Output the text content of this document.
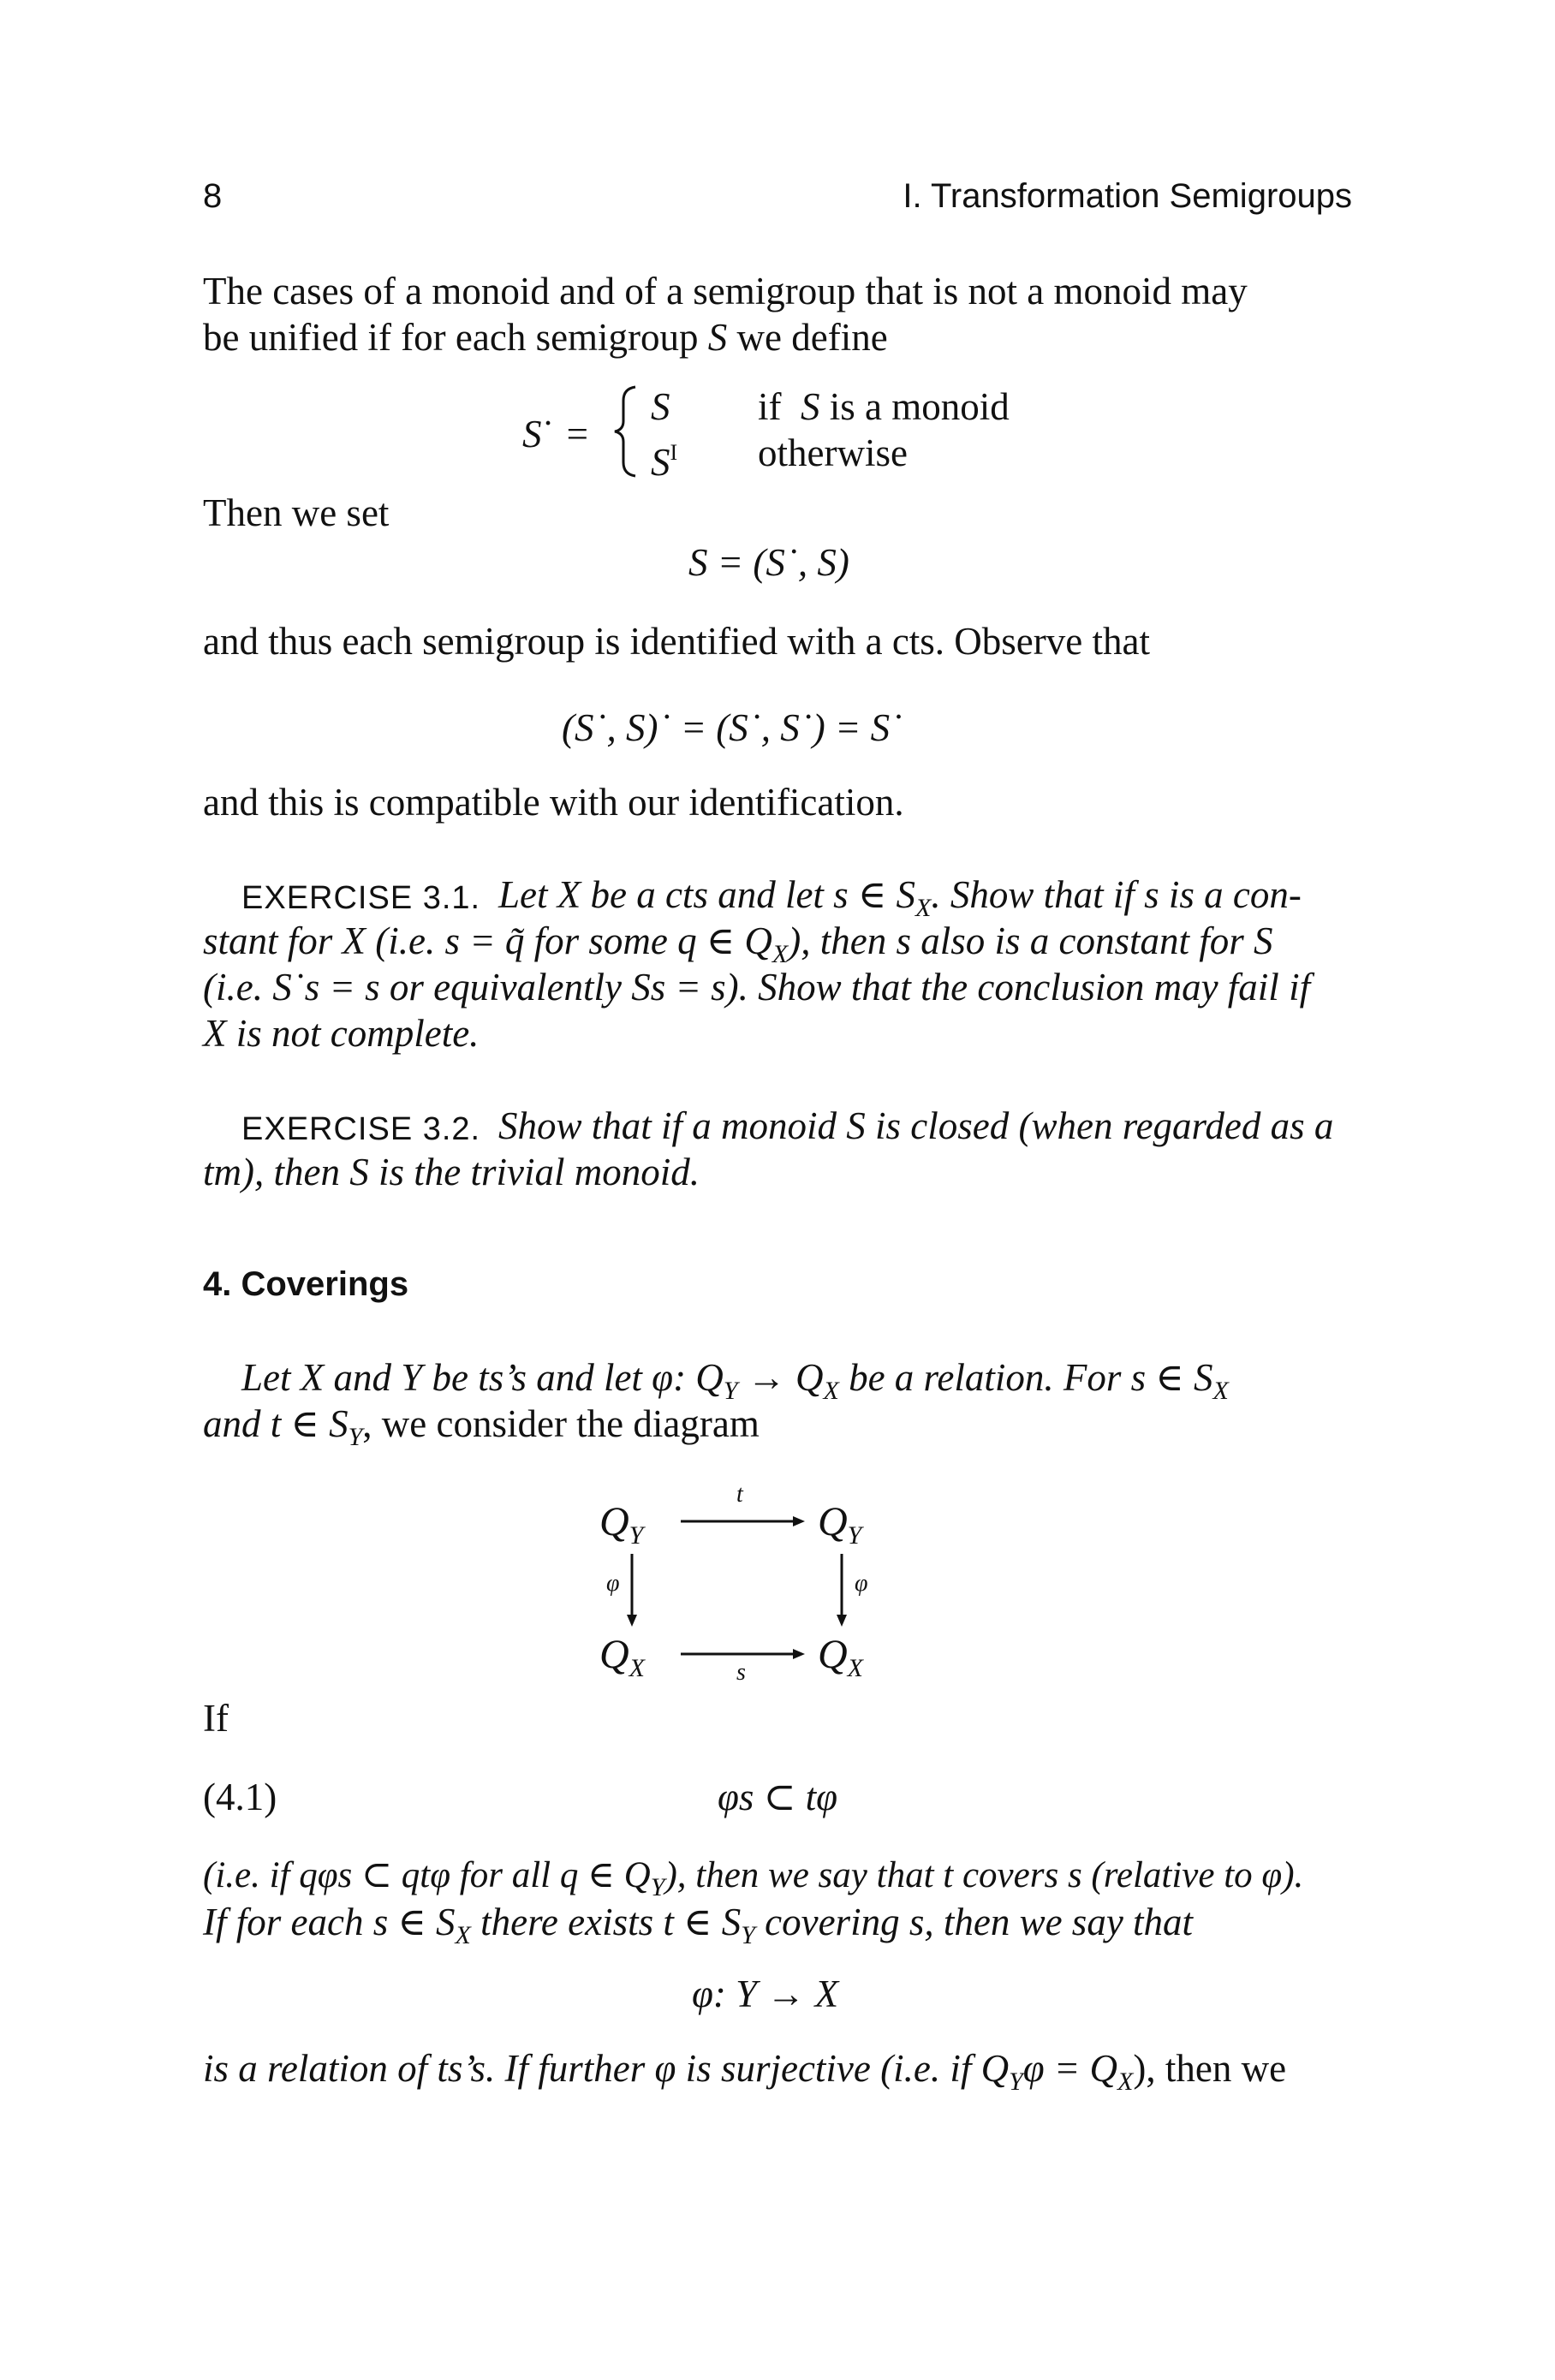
8	I. Transformation Semigroups
The cases of a monoid and of a semigroup that is not a monoid may
be unified if for each semigroup S we define
S˙ =
S if S is a monoid
$S^I$ otherwise
Then we set
S = (S˙, S)
and thus each semigroup is identified with a cts. Observe that
(S˙, S)˙ = (S˙, S˙) = S˙
and this is compatible with our identification.
EXERCISE 3.1. Let X be a cts and let s ∈ $S_X$. Show that if s is a con-
stant for X (i.e. s = q̃ for some q ∈ $Q_X$), then s also is a constant for S
(i.e. S˙s = s or equivalently Ss = s). Show that the conclusion may fail if
X is not complete.
EXERCISE 3.2. Show that if a monoid S is closed (when regarded as a
tm), then S is the trivial monoid.
4. Coverings
Let X and Y be ts’s and let φ: $Q_Y \to Q_X$ be a relation. For s ∈ $S_X$
and t ∈ $S_Y$, we consider the diagram
$Q_Y$	$Q_Y$
$Q_X$	$Q_X$
t
s
φ	φ
If
(4.1)	φs ⊂ tφ
(i.e. if qφs ⊂ qtφ for all q ∈ $Q_Y$), then we say that t covers s (relative to φ).
If for each s ∈ $S_X$ there exists t ∈ $S_Y$ covering s, then we say that
φ: Y → X
is a relation of ts’s. If further φ is surjective (i.e. if $Q_Y\varphi = Q_X$), then we
